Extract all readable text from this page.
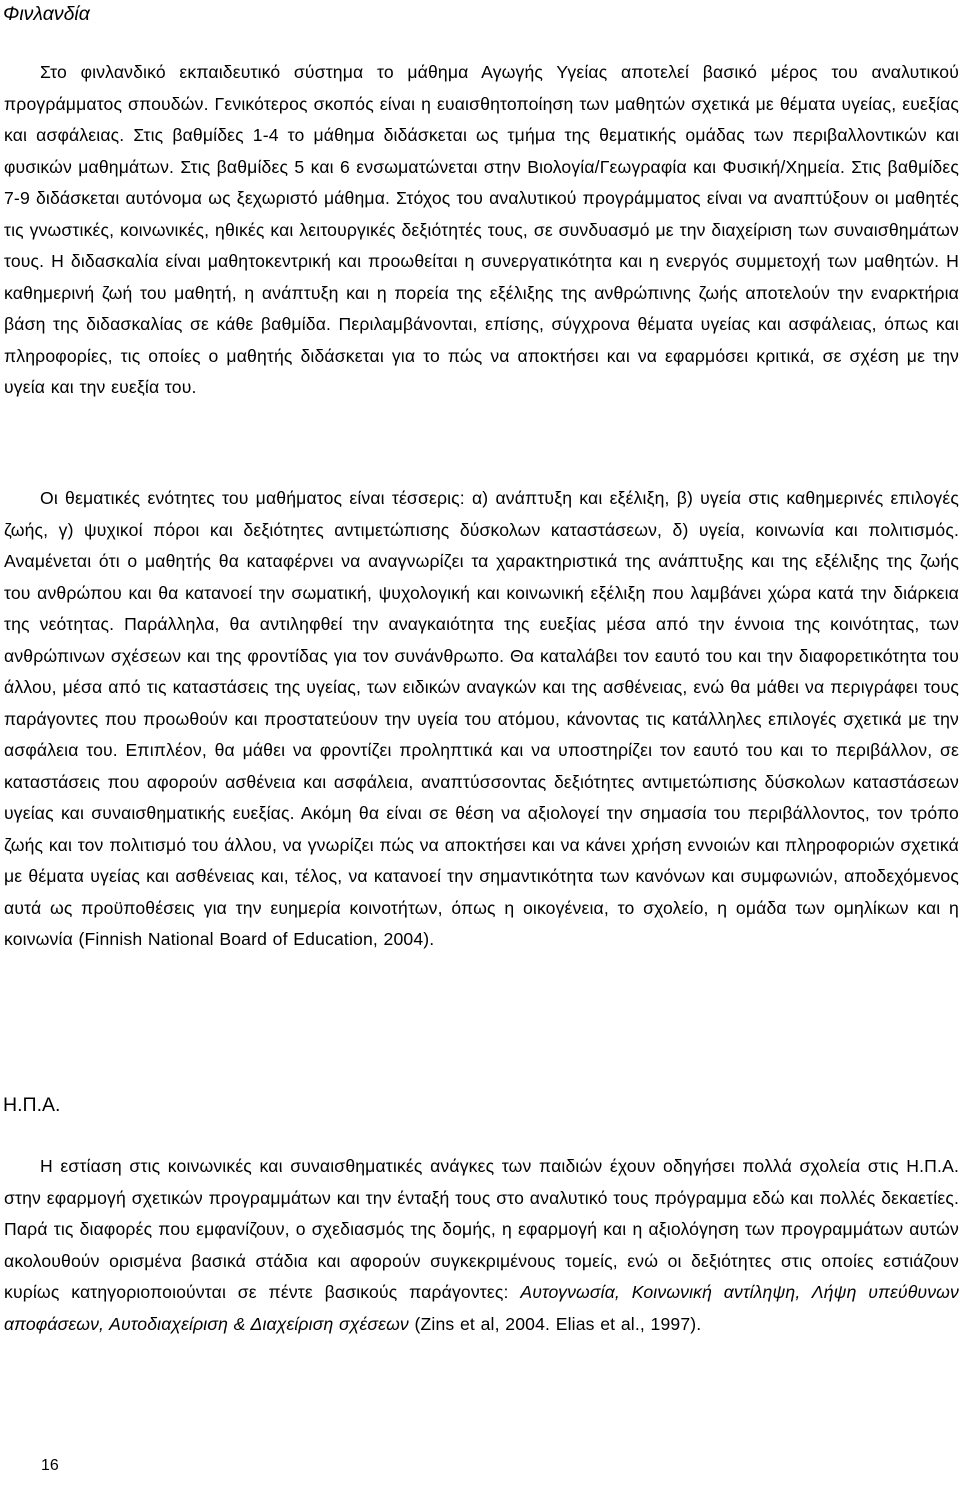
Φινλανδία

Στο φινλανδικό εκπαιδευτικό σύστημα το μάθημα Αγωγής Υγείας αποτελεί βασικό μέρος του αναλυτικού προγράμματος σπουδών. Γενικότερος σκοπός είναι η ευαισθητοποίηση των μαθητών σχετικά με θέματα υγείας, ευεξίας και ασφάλειας. Στις βαθμίδες 1-4 το μάθημα διδάσκεται ως τμήμα της θεματικής ομάδας των περιβαλλοντικών και φυσικών μαθημάτων. Στις βαθμίδες 5 και 6 ενσωματώνεται στην Βιολογία/Γεωγραφία και Φυσική/Χημεία. Στις βαθμίδες 7-9 διδάσκεται αυτόνομα ως ξεχωριστό μάθημα. Στόχος του αναλυτικού προγράμματος είναι να αναπτύξουν οι μαθητές τις γνωστικές, κοινωνικές, ηθικές και λειτουργικές δεξιότητές τους, σε συνδυασμό με την διαχείριση των συναισθημάτων τους. Η διδασκαλία είναι μαθητοκεντρική και προωθείται η συνεργατικότητα και η ενεργός συμμετοχή των μαθητών. Η καθημερινή ζωή του μαθητή, η ανάπτυξη και η πορεία της εξέλιξης της ανθρώπινης ζωής αποτελούν την εναρκτήρια βάση της διδασκαλίας σε κάθε βαθμίδα. Περιλαμβάνονται, επίσης, σύγχρονα θέματα υγείας και ασφάλειας, όπως και πληροφορίες, τις οποίες ο μαθητής διδάσκεται για το πώς να αποκτήσει και να εφαρμόσει κριτικά, σε σχέση με την υγεία και την ευεξία του.

Οι θεματικές ενότητες του μαθήματος είναι τέσσερις: α) ανάπτυξη και εξέλιξη, β) υγεία στις καθημερινές επιλογές ζωής, γ) ψυχικοί πόροι και δεξιότητες αντιμετώπισης δύσκολων καταστάσεων, δ) υγεία, κοινωνία και πολιτισμός. Αναμένεται ότι ο μαθητής θα καταφέρνει να αναγνωρίζει τα χαρακτηριστικά της ανάπτυξης και της εξέλιξης της ζωής του ανθρώπου και θα κατανοεί την σωματική, ψυχολογική και κοινωνική εξέλιξη που λαμβάνει χώρα κατά την διάρκεια της νεότητας. Παράλληλα, θα αντιληφθεί την αναγκαιότητα της ευεξίας μέσα από την έννοια της κοινότητας, των ανθρώπινων σχέσεων και της φροντίδας για τον συνάνθρωπο. Θα καταλάβει τον εαυτό του και την διαφορετικότητα του άλλου, μέσα από τις καταστάσεις της υγείας, των ειδικών αναγκών και της ασθένειας, ενώ θα μάθει να περιγράφει τους παράγοντες που προωθούν και προστατεύουν την υγεία του ατόμου, κάνοντας τις κατάλληλες επιλογές σχετικά με την ασφάλεια του. Επιπλέον, θα μάθει να φροντίζει προληπτικά και να υποστηρίζει τον εαυτό του και το περιβάλλον, σε καταστάσεις που αφορούν ασθένεια και ασφάλεια, αναπτύσσοντας δεξιότητες αντιμετώπισης δύσκολων καταστάσεων υγείας και συναισθηματικής ευεξίας. Ακόμη θα είναι σε θέση να αξιολογεί την σημασία του περιβάλλοντος, τον τρόπο ζωής και τον πολιτισμό του άλλου, να γνωρίζει πώς να αποκτήσει και να κάνει χρήση εννοιών και πληροφοριών σχετικά με θέματα υγείας και ασθένειας και, τέλος, να κατανοεί την σημαντικότητα των κανόνων και συμφωνιών, αποδεχόμενος αυτά ως προϋποθέσεις για την ευημερία κοινοτήτων, όπως η οικογένεια, το σχολείο, η ομάδα των ομηλίκων και η κοινωνία (Finnish National Board of Education, 2004).

Η.Π.Α.

Η εστίαση στις κοινωνικές και συναισθηματικές ανάγκες των παιδιών έχουν οδηγήσει πολλά σχολεία στις Η.Π.Α. στην εφαρμογή σχετικών προγραμμάτων και την ένταξή τους στο αναλυτικό τους πρόγραμμα εδώ και πολλές δεκαετίες. Παρά τις διαφορές που εμφανίζουν, ο σχεδιασμός της δομής, η εφαρμογή και η αξιολόγηση των προγραμμάτων αυτών ακολουθούν ορισμένα βασικά στάδια και αφορούν συγκεκριμένους τομείς, ενώ οι δεξιότητες στις οποίες εστιάζουν κυρίως κατηγοριοποιούνται σε πέντε βασικούς παράγοντες: Αυτογνωσία, Κοινωνική αντίληψη, Λήψη υπεύθυνων αποφάσεων, Αυτοδιαχείριση & Διαχείριση σχέσεων (Zins et al, 2004. Elias et al., 1997).

16
